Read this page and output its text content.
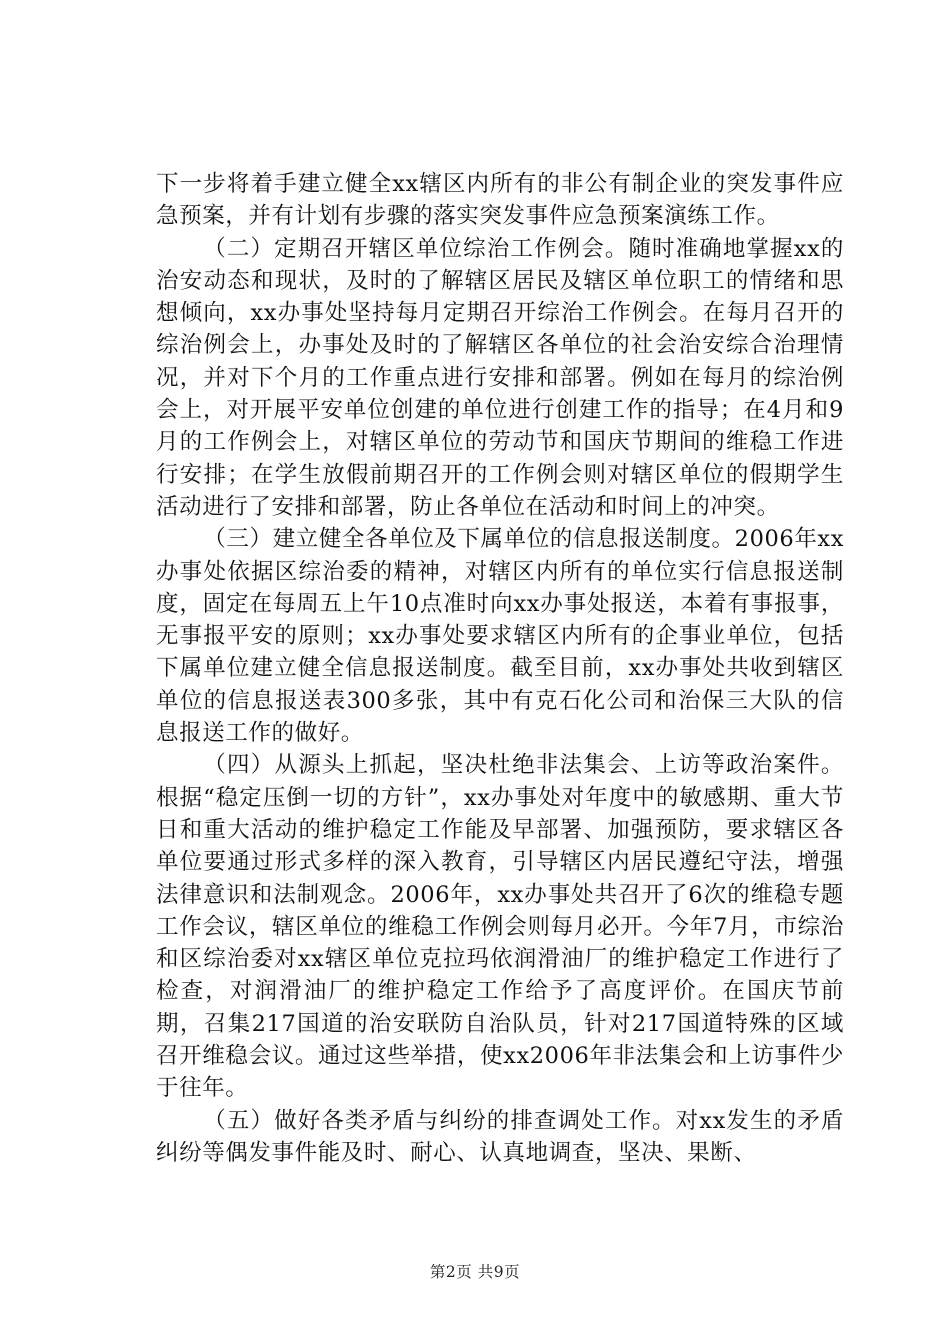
下一步将着手建立健全xx辖区内所有的非公有制企业的突发事件应急预案，并有计划有步骤的落实突发事件应急预案演练工作。

（二）定期召开辖区单位综治工作例会。随时准确地掌握xx的治安动态和现状，及时的了解辖区居民及辖区单位职工的情绪和思想倾向，xx办事处坚持每月定期召开综治工作例会。在每月召开的综治例会上，办事处及时的了解辖区各单位的社会治安综合治理情况，并对下个月的工作重点进行安排和部署。例如在每月的综治例会上，对开展平安单位创建的单位进行创建工作的指导；在4月和9月的工作例会上，对辖区单位的劳动节和国庆节期间的维稳工作进行安排；在学生放假前期召开的工作例会则对辖区单位的假期学生活动进行了安排和部署，防止各单位在活动和时间上的冲突。

（三）建立健全各单位及下属单位的信息报送制度。2006年xx办事处依据区综治委的精神，对辖区内所有的单位实行信息报送制度，固定在每周五上午10点准时向xx办事处报送，本着有事报事，无事报平安的原则；xx办事处要求辖区内所有的企事业单位，包括下属单位建立健全信息报送制度。截至目前，xx办事处共收到辖区单位的信息报送表300多张，其中有克石化公司和治保三大队的信息报送工作的做好。

（四）从源头上抓起，坚决杜绝非法集会、上访等政治案件。根据“稳定压倒一切的方针”，xx办事处对年度中的敏感期、重大节日和重大活动的维护稳定工作能及早部署、加强预防，要求辖区各单位要通过形式多样的深入教育，引导辖区内居民遵纪守法，增强法律意识和法制观念。2006年，xx办事处共召开了6次的维稳专题工作会议，辖区单位的维稳工作例会则每月必开。今年7月，市综治和区综治委对xx辖区单位克拉玛依润滑油厂的维护稳定工作进行了检查，对润滑油厂的维护稳定工作给予了高度评价。在国庆节前期，召集217国道的治安联防自治队员，针对217国道特殊的区域召开维稳会议。通过这些举措，使xx2006年非法集会和上访事件少于往年。

（五）做好各类矛盾与纠纷的排查调处工作。对xx发生的矛盾纠纷等偶发事件能及时、耐心、认真地调查，坚决、果断、

第2页 共9页
